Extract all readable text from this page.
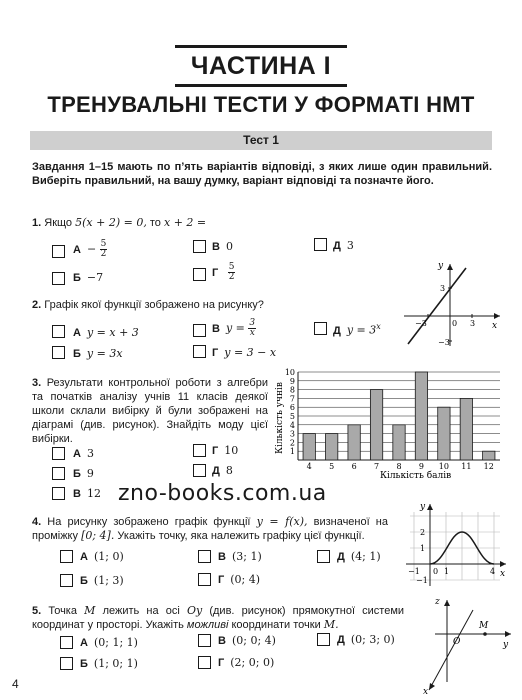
ЧАСТИНА І
ТРЕНУВАЛЬНІ ТЕСТИ У ФОРМАТІ НМТ
Тест 1
Завдання 1–15 мають по п’ять варіантів відповіді, з яких лише один правильний. Виберіть правильний, на вашу думку, варіант відповіді та позначте його.
1. Якщо 5(x + 2) = 0, то x + 2 =
$А - \frac{5}{2}$
Б −7
В 0
Г $\frac{5}{2}$
Д 3
y
x
3
−3	0 3
−3
2. Графік якої функції зображено на рисунку?
А y = x + 3
Б y = 3x
В $y = \frac{3}{x}$
Г y = 3 − x
Д $y = 3^x$
3. Результати контрольної роботи з алгебри та початків аналізу учнів 11 класів деякої школи склали вибірку й були зображені на діаграмі (див. рисунок). Знайдіть моду цієї вибірки.
А 3
Б 9
В 12
Г 10
Д 8
Кількість учнів
Кількість балів
1
2
3
4
5
6
7
8
9
10
4 5 6 7 8 9 10 11 12
zno-books.com.ua
4. На рисунку зображено графік функції y = f(x), визначеної на проміжку [0; 4]. Укажіть точку, яка належить графіку цієї функції.
А (1; 0)
Б (1; 3)
В (3; 1)
Г (0; 4)
Д (4; 1)
y
x
2
1
−1
−1 0 1	4
5. Точка M лежить на осі Oy (див. рисунок) прямокутної системи координат у просторі. Укажіть можливі координати точки M.
А (0; 1; 1)
Б (1; 0; 1)
В (0; 0; 4)
Г (2; 0; 0)
Д (0; 3; 0)
z
y
x
O
M
4
